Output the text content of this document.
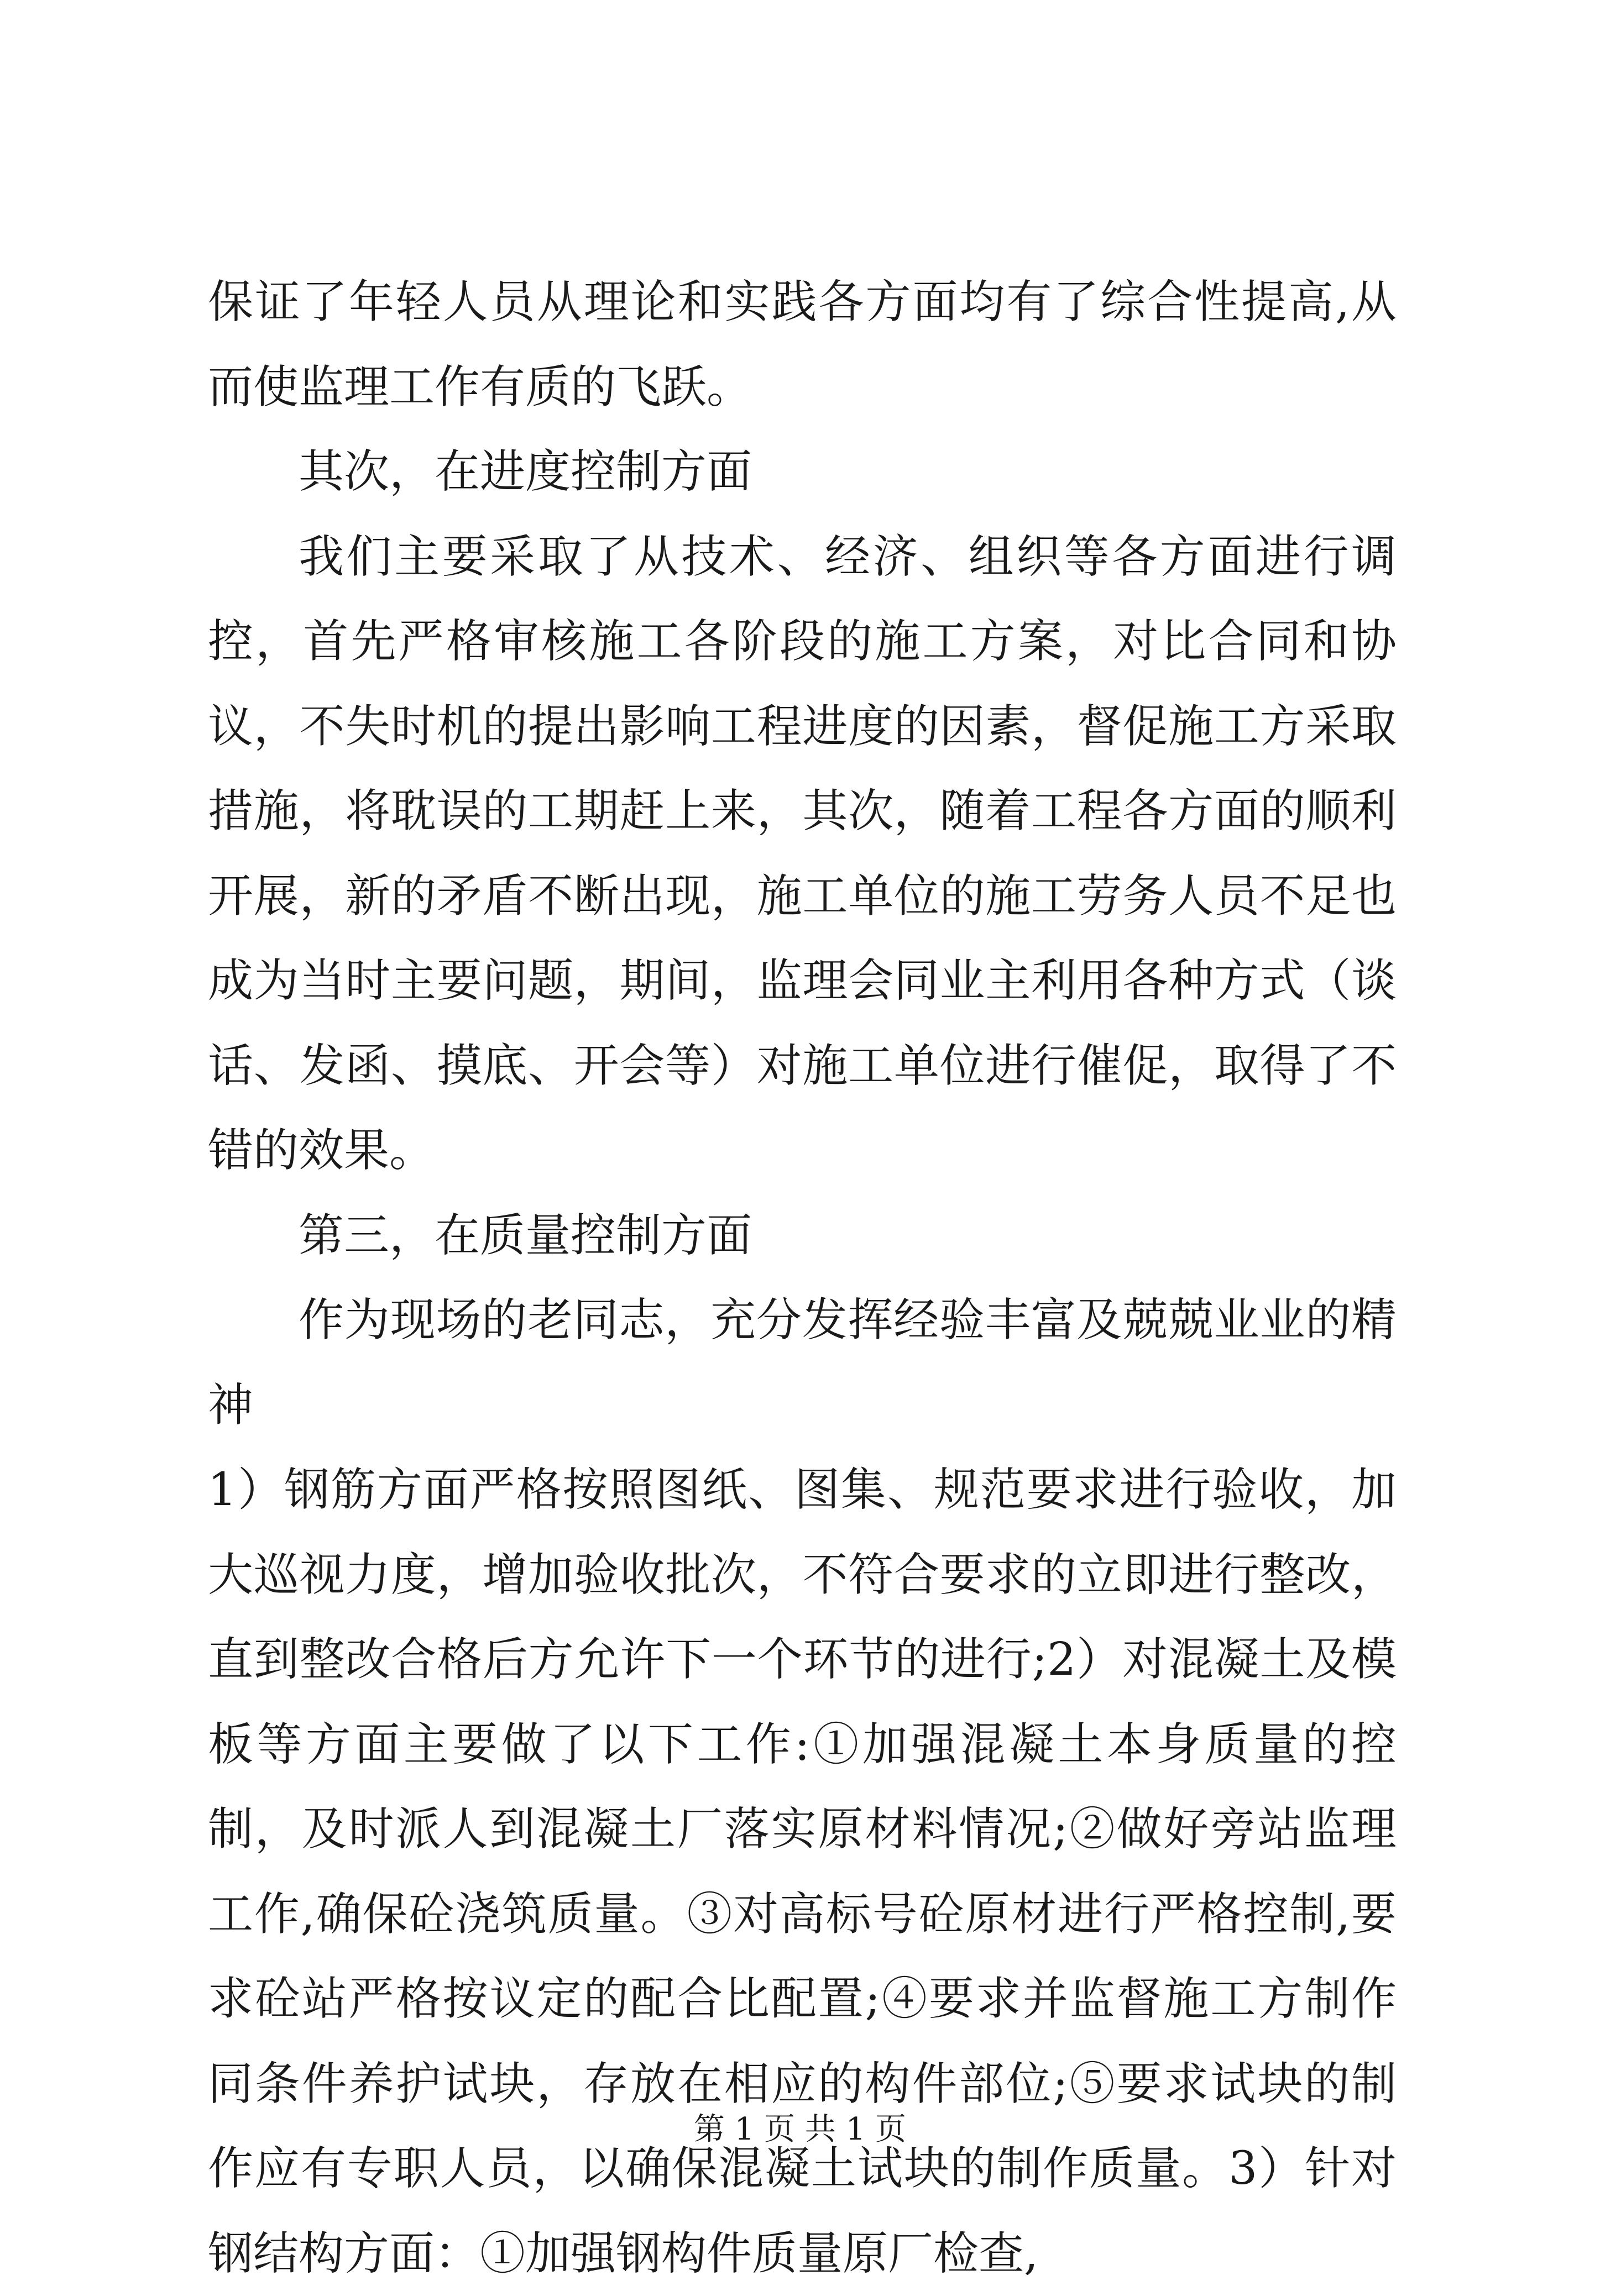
保证了年轻人员从理论和实践各方面均有了综合性提高,从而使监理工作有质的飞跃。

其次，在进度控制方面

我们主要采取了从技术、经济、组织等各方面进行调控，首先严格审核施工各阶段的施工方案，对比合同和协议，不失时机的提出影响工程进度的因素，督促施工方采取措施，将耽误的工期赶上来，其次，随着工程各方面的顺利开展，新的矛盾不断出现，施工单位的施工劳务人员不足也成为当时主要问题，期间，监理会同业主利用各种方式（谈话、发函、摸底、开会等）对施工单位进行催促，取得了不错的效果。

第三，在质量控制方面

作为现场的老同志，充分发挥经验丰富及兢兢业业的精神

1）钢筋方面严格按照图纸、图集、规范要求进行验收，加大巡视力度，增加验收批次，不符合要求的立即进行整改，直到整改合格后方允许下一个环节的进行;2）对混凝土及模板等方面主要做了以下工作:①加强混凝土本身质量的控制，及时派人到混凝土厂落实原材料情况;②做好旁站监理工作,确保砼浇筑质量。③对高标号砼原材进行严格控制,要求砼站严格按议定的配合比配置;④要求并监督施工方制作同条件养护试块，存放在相应的构件部位;⑤要求试块的制作应有专职人员，以确保混凝土试块的制作质量。3）针对钢结构方面：①加强钢构件质量原厂检查,

第 1 页 共 1 页
